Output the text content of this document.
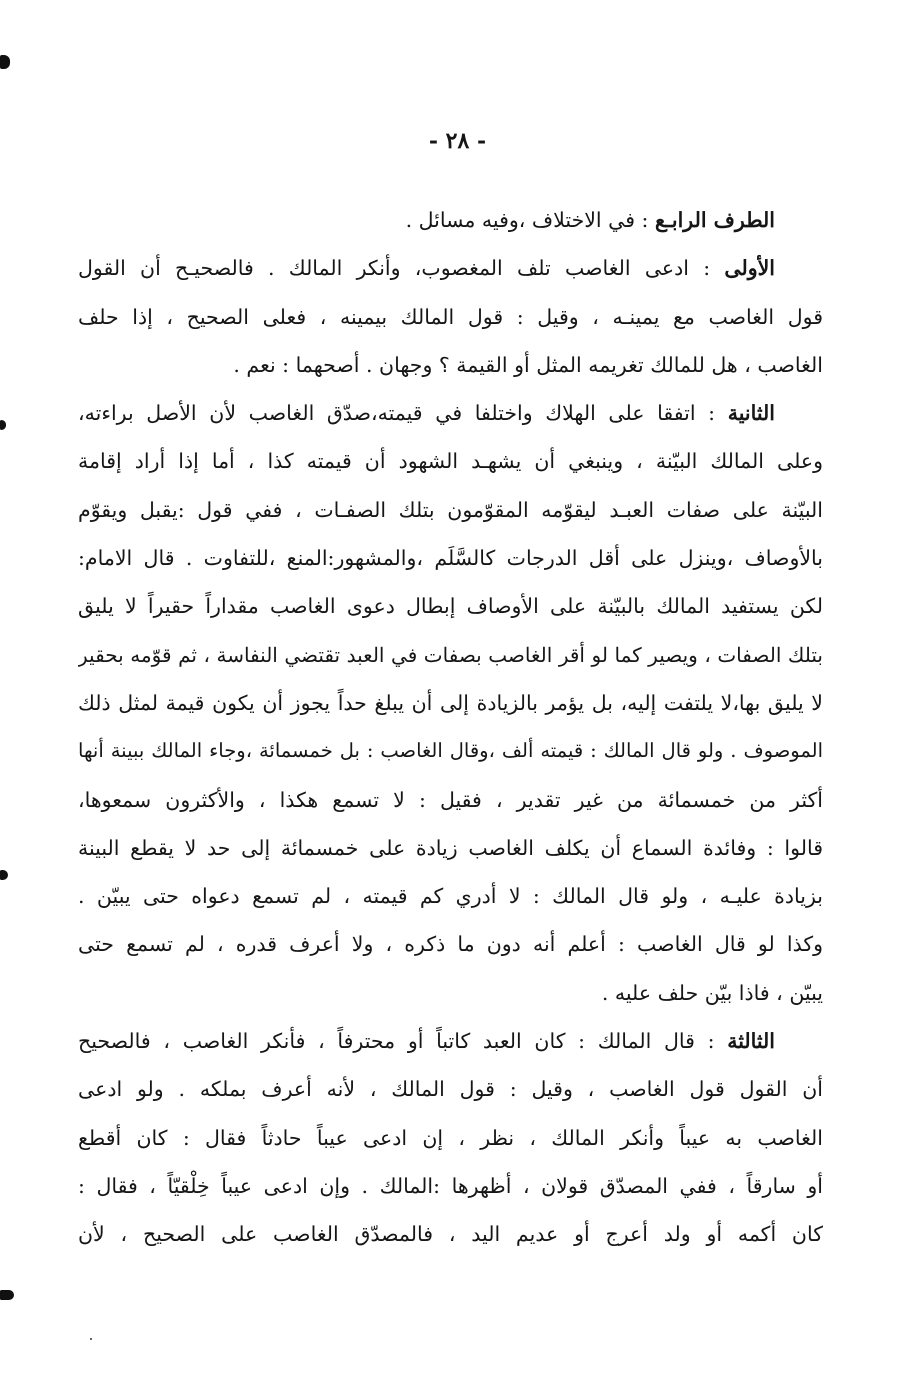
- ٢٨ -
الطرف الرابـع : في الاختلاف ،وفيه مسائل .
الأولى : ادعى الغاصب تلف المغصوب، وأنكر المالك . فالصحيـح أن القول
قول الغاصب مع يمينـه ، وقيل : قول المالك بيمينه ، فعلى الصحيح ، إذا حلف
الغاصب ، هل للمالك تغريمه المثل أو القيمة ؟ وجهان . أصحهما : نعم .
الثانية : اتفقا على الهلاك واختلفا في قيمته،صدّق الغاصب لأن الأصل براءته،
وعلى المالك البيّنة ، وينبغي أن يشهـد الشهود أن قيمته كذا ، أما إذا أراد إقامة
البيّنة على صفات العبـد ليقوّمه المقوّمون بتلك الصفـات ، ففي قول :يقبل ويقوّم
بالأوصاف ،وينزل على أقل الدرجات كالسَّلَم ،والمشهور:المنع ،للتفاوت . قال الامام:
لكن يستفيد المالك بالبيّنة على الأوصاف إبطال دعوى الغاصب مقداراً حقيراً لا يليق
بتلك الصفات ، ويصير كما لو أقر الغاصب بصفات في العبد تقتضي النفاسة ، ثم قوّمه بحقير
لا يليق بها،لا يلتفت إليه، بل يؤمر بالزيادة إلى أن يبلغ حداً يجوز أن يكون قيمة لمثل ذلك
الموصوف . ولو قال المالك : قيمته ألف ،وقال الغاصب : بل خمسمائة ،وجاء المالك ببينة أنها
أكثر من خمسمائة من غير تقدير ، فقيل : لا تسمع هكذا ، والأكثرون سمعوها،
قالوا : وفائدة السماع أن يكلف الغاصب زيادة على خمسمائة إلى حد لا يقطع البينة
بزيادة عليـه ، ولو قال المالك : لا أدري كم قيمته ، لم تسمع دعواه حتى يبيّن .
وكذا لو قال الغاصب : أعلم أنه دون ما ذكره ، ولا أعرف قدره ، لم تسمع حتى
يبيّن ، فاذا بيّن حلف عليه .
الثالثة : قال المالك : كان العبد كاتباً أو محترفاً ، فأنكر الغاصب ، فالصحيح
أن القول قول الغاصب ، وقيل : قول المالك ، لأنه أعرف بملكه . ولو ادعى
الغاصب به عيباً وأنكر المالك ، نظر ، إن ادعى عيباً حادثاً فقال : كان أقطع
أو سارقاً ، ففي المصدّق قولان ، أظهرها :المالك . وإن ادعى عيباً خِلْقيّاً ، فقال :
كان أكمه أو ولد أعرج أو عديم اليد ، فالمصدّق الغاصب على الصحيح ، لأن
